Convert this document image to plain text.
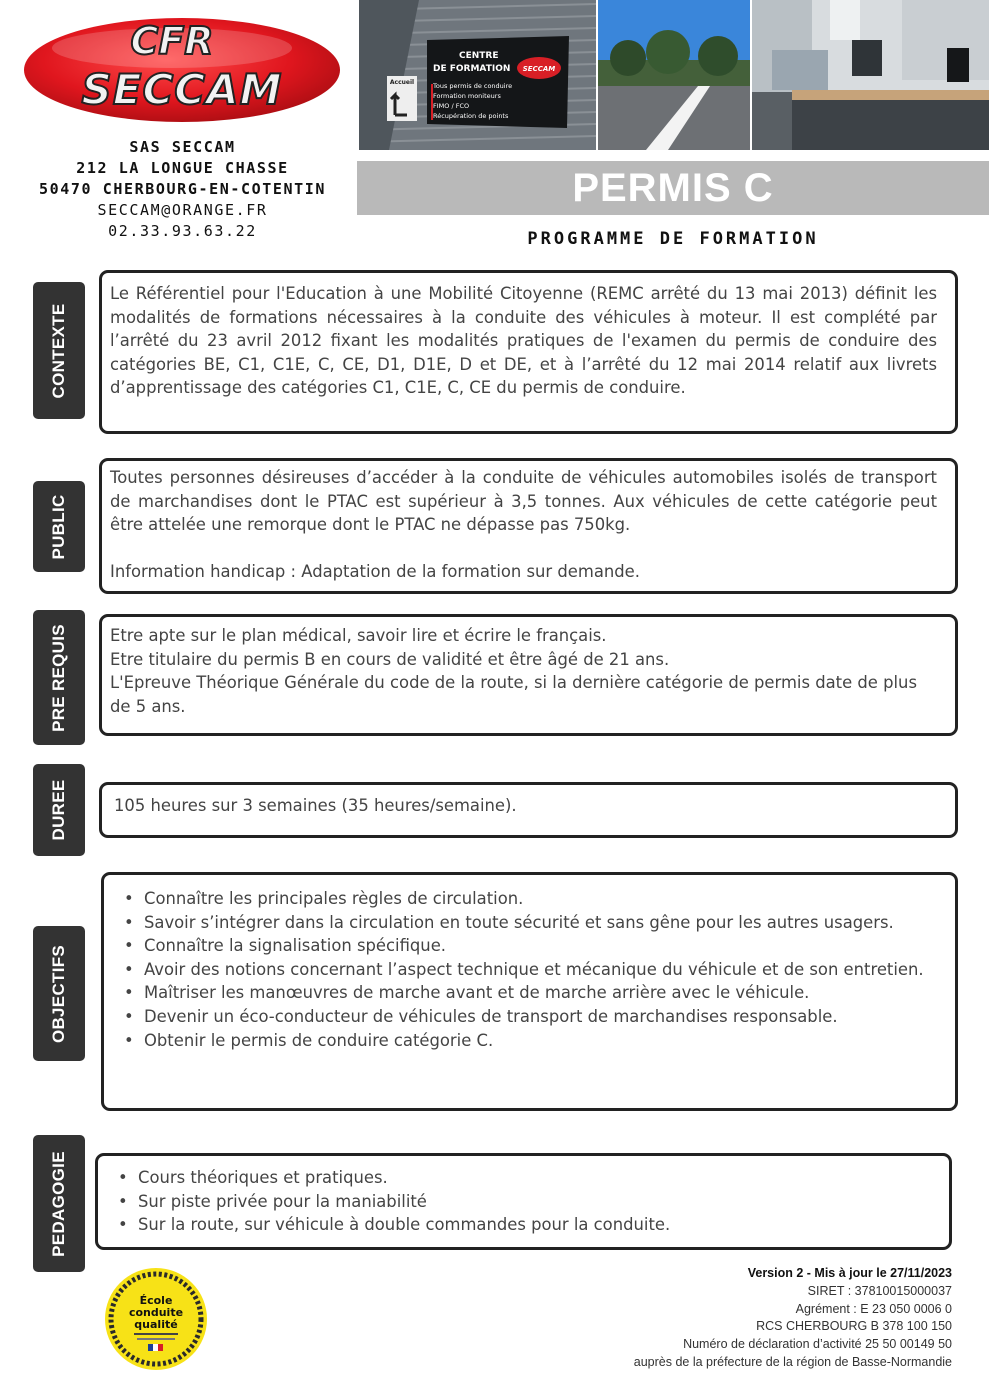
CFR
SECCAM
SAS SECCAM
212 LA LONGUE CHASSE
50470 CHERBOURG-EN-COTENTIN
SECCAM@ORANGE.FR
02.33.93.63.22
Accueil
CENTRE
DE FORMATION SECCAM
Tous permis de conduire
Formation moniteurs
FIMO / FCO
Récupération de points
PERMIS C
PROGRAMME DE FORMATION
CONTEXTE

Le Référentiel pour l'Education à une Mobilité Citoyenne (REMC arrêté du 13 mai 2013) définit les modalités de formations nécessaires à la conduite des véhicules à moteur. Il est complété par l’arrêté du 23 avril 2012 fixant les modalités pratiques de l'examen du permis de conduire des catégories BE, C1, C1E, C, CE, D1, D1E, D et DE, et à l’arrêté du 12 mai 2014 relatif aux livrets d’apprentissage des catégories C1, C1E, C, CE du permis de conduire.

PUBLIC

Toutes personnes désireuses d’accéder à la conduite de véhicules automobiles isolés de transport de marchandises dont le PTAC est supérieur à 3,5 tonnes. Aux véhicules de cette catégorie peut être attelée une remorque dont le PTAC ne dépasse pas 750kg.

Information handicap : Adaptation de la formation sur demande.

PRE REQUIS	Etre apte sur le plan médical, savoir lire et écrire le français.

Etre titulaire du permis B en cours de validité et être âgé de 21 ans.

L'Epreuve Théorique Générale du code de la route, si la dernière catégorie de permis date de plus de 5 ans.

DUREE	105 heures sur 3 semaines (35 heures/semaine).

OBJECTIFS
• Connaître les principales règles de circulation.
• Savoir s’intégrer dans la circulation en toute sécurité et sans gêne pour les autres usagers.
• Connaître la signalisation spécifique.
• Avoir des notions concernant l’aspect technique et mécanique du véhicule et de son entretien.
• Maîtriser les manœuvres de marche avant et de marche arrière avec le véhicule.
• Devenir un éco-conducteur de véhicules de transport de marchandises responsable.
• Obtenir le permis de conduire catégorie C.
PEDAGOGIE
•	Cours théoriques et pratiques.
• Sur piste privée pour la maniabilité
• Sur la route, sur véhicule à double commandes pour la conduite.
École
conduite
qualité
Version 2 - Mis à jour le 27/11/2023
SIRET : 37810015000037
Agrément : E 23 050 0006 0
RCS CHERBOURG B 378 100 150
Numéro de déclaration d’activité 25 50 00149 50
auprès de la préfecture de la région de Basse-Normandie
